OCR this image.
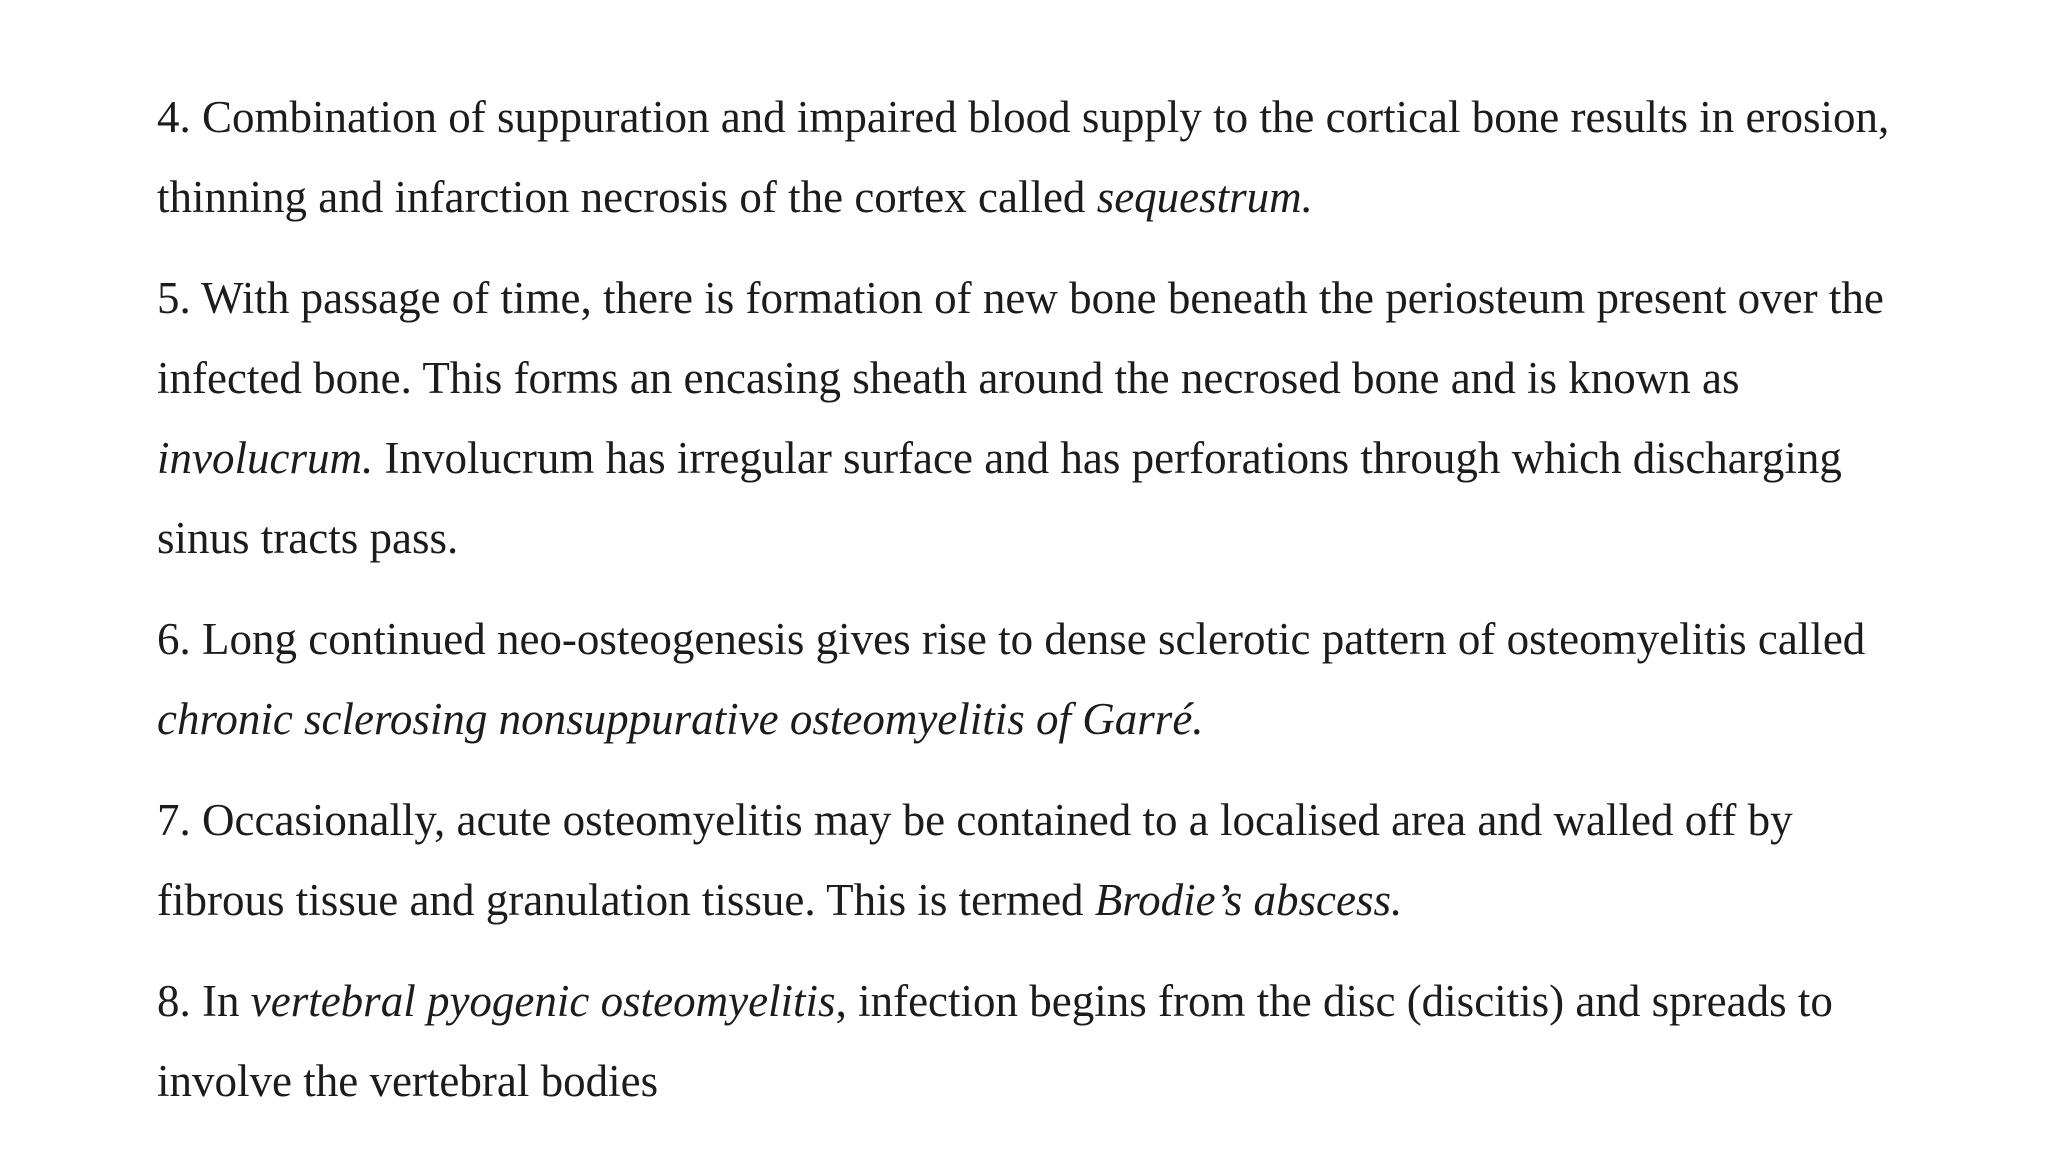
4. Combination of suppuration and impaired blood supply to the cortical bone results in erosion, thinning and infarction necrosis of the cortex called sequestrum.

5. With passage of time, there is formation of new bone beneath the periosteum present over the infected bone. This forms an encasing sheath around the necrosed bone and is known as involucrum. Involucrum has irregular surface and has perforations through which discharging sinus tracts pass.

6. Long continued neo-osteogenesis gives rise to dense sclerotic pattern of osteomyelitis called chronic sclerosing nonsuppurative osteomyelitis of Garré.

7. Occasionally, acute osteomyelitis may be contained to a localised area and walled off by fibrous tissue and granulation tissue. This is termed Brodie’s abscess.

8. In vertebral pyogenic osteomyelitis, infection begins from the disc (discitis) and spreads to involve the vertebral bodies
